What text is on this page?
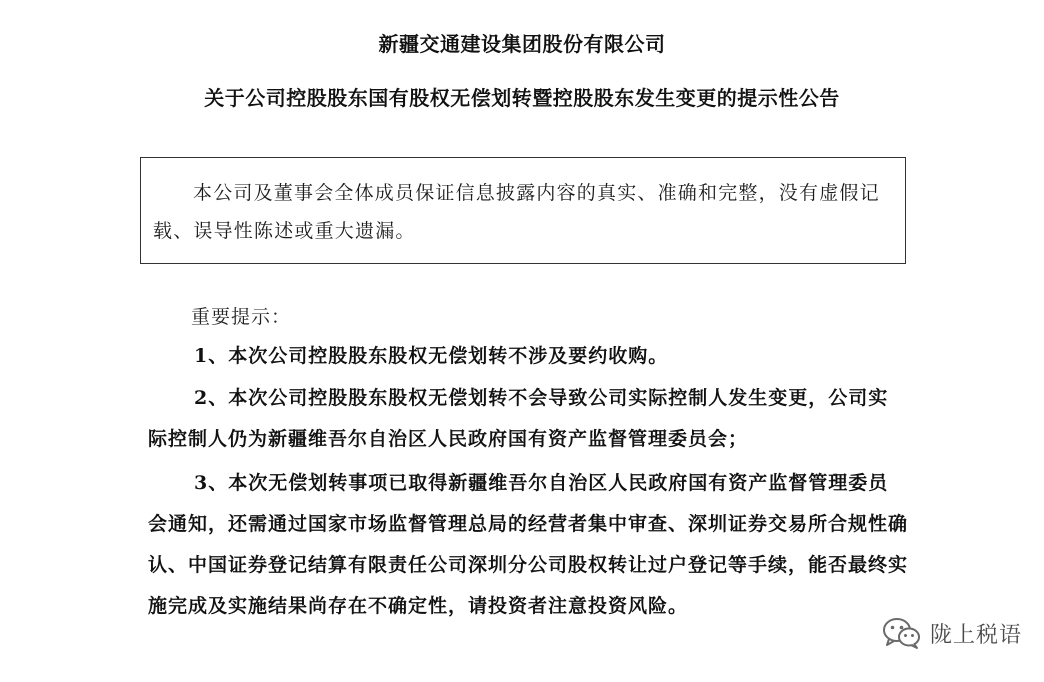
新疆交通建设集团股份有限公司
关于公司控股股东国有股权无偿划转暨控股股东发生变更的提示性公告

本公司及董事会全体成员保证信息披露内容的真实、准确和完整，没有虚假记载、误导性陈述或重大遗漏。

重要提示：

1、本次公司控股股东股权无偿划转不涉及要约收购。

2、本次公司控股股东股权无偿划转不会导致公司实际控制人发生变更，公司实际控制人仍为新疆维吾尔自治区人民政府国有资产监督管理委员会；

3、本次无偿划转事项已取得新疆维吾尔自治区人民政府国有资产监督管理委员会通知，还需通过国家市场监督管理总局的经营者集中审查、深圳证券交易所合规性确认、中国证券登记结算有限责任公司深圳分公司股权转让过户登记等手续，能否最终实施完成及实施结果尚存在不确定性，请投资者注意投资风险。

陇上税语
